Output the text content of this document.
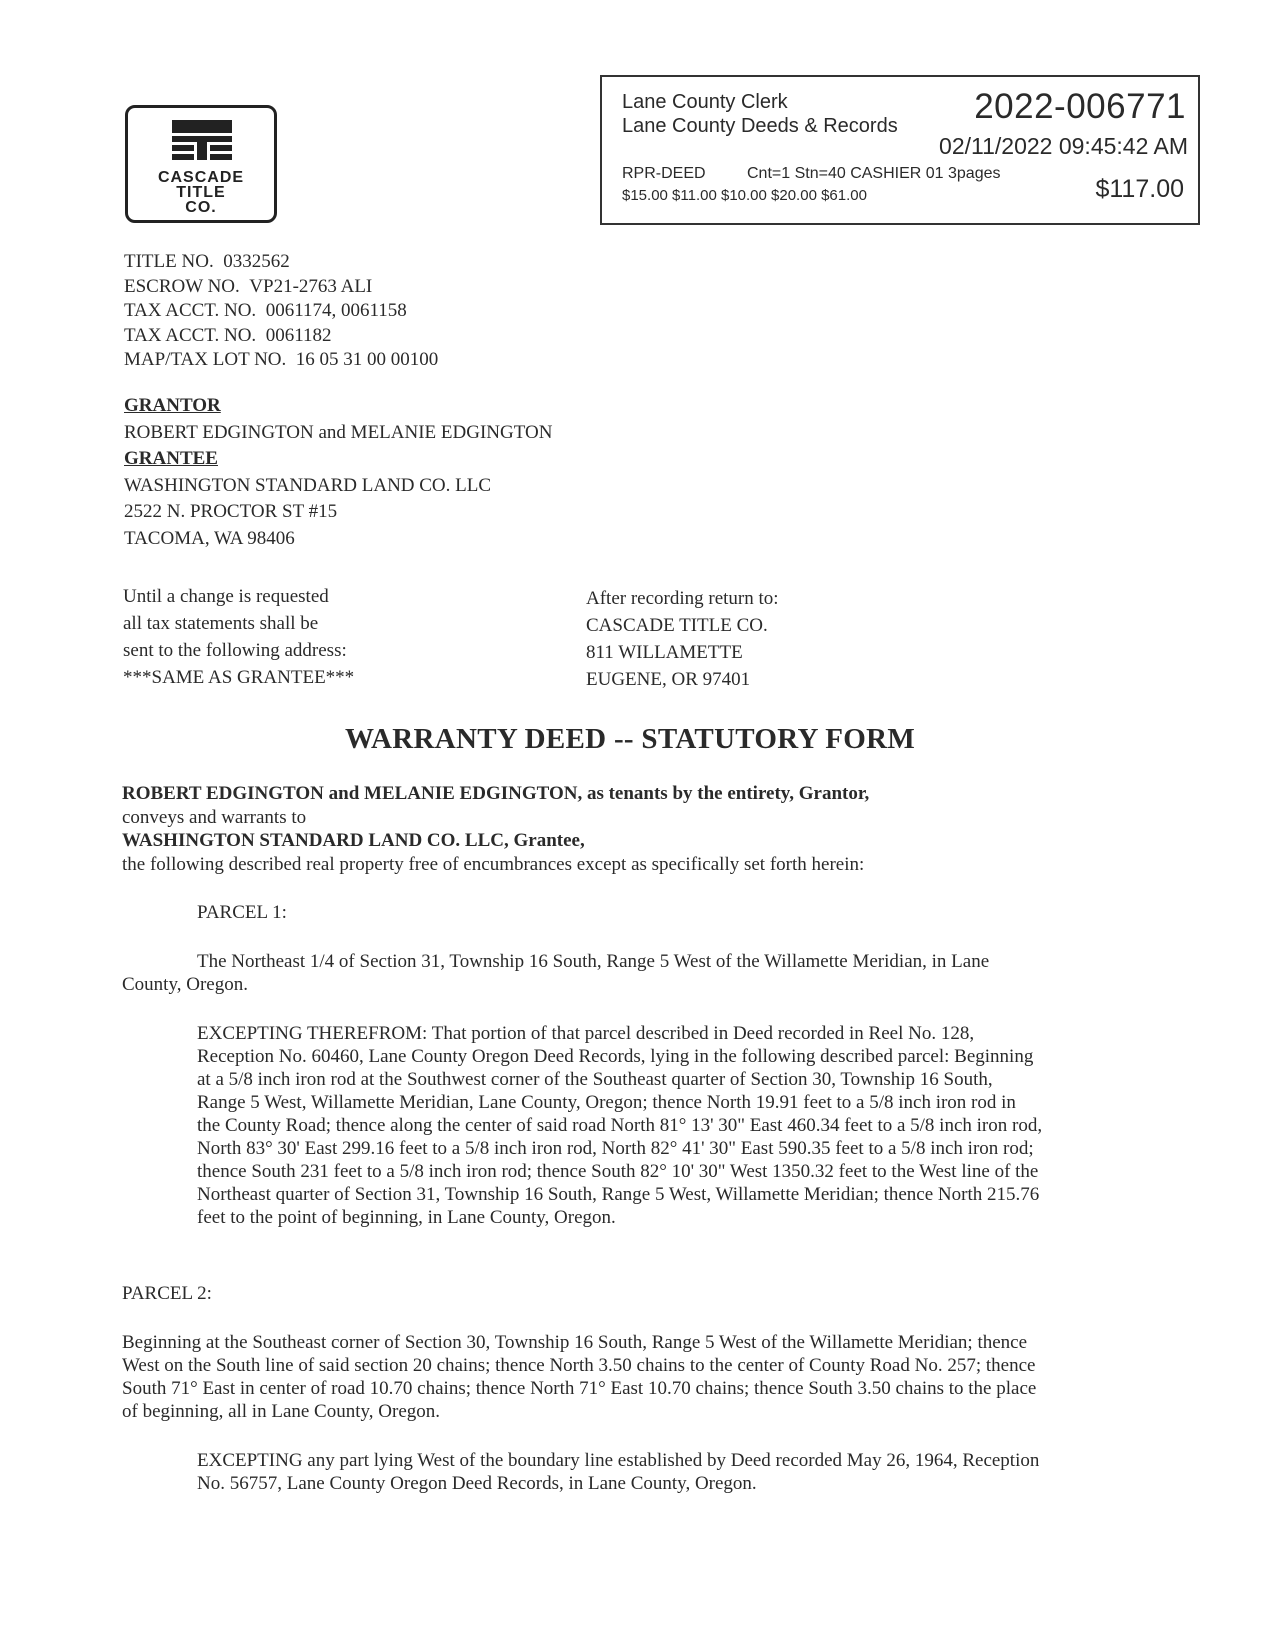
CASCADE
TITLE
CO.
Lane County Clerk
Lane County Deeds & Records 2022-006771
02/11/2022 09:45:42 AM
RPR-DEED	Cnt=1 Stn=40 CASHIER 01 3pages
$15.00 $11.00 $10.00 $20.00 $61.00	$117.00
TITLE NO.
0332562
ESCROW NO.
VP21-2763 ALI
TAX ACCT. NO.
0061174, 0061158
TAX ACCT. NO.
0061182
MAP/TAX LOT NO.
16 05 31 00 00100
GRANTOR
ROBERT EDGINGTON and MELANIE EDGINGTON
GRANTEE
WASHINGTON STANDARD LAND CO. LLC
2522 N. PROCTOR ST #15
TACOMA, WA 98406
Until a change is requested
all tax statements shall be
sent to the following address:
***SAME AS GRANTEE***
After recording return to:
CASCADE TITLE CO.
811 WILLAMETTE
EUGENE, OR 97401
WARRANTY DEED -- STATUTORY FORM
ROBERT EDGINGTON and MELANIE EDGINGTON, as tenants by the entirety, Grantor,
conveys and warrants to
WASHINGTON STANDARD LAND CO. LLC, Grantee,
the following described real property free of encumbrances except as specifically set forth herein:
PARCEL 1:
The Northeast 1/4 of Section 31, Township 16 South, Range 5 West of the Willamette Meridian, in Lane
County, Oregon.
EXCEPTING THEREFROM: That portion of that parcel described in Deed recorded in Reel No. 128,
Reception No. 60460, Lane County Oregon Deed Records, lying in the following described parcel: Beginning
at a 5/8 inch iron rod at the Southwest corner of the Southeast quarter of Section 30, Township 16 South,
Range 5 West, Willamette Meridian, Lane County, Oregon; thence North 19.91 feet to a 5/8 inch iron rod in
the County Road; thence along the center of said road North 81° 13' 30" East 460.34 feet to a 5/8 inch iron rod,
North 83° 30' East 299.16 feet to a 5/8 inch iron rod, North 82° 41' 30" East 590.35 feet to a 5/8 inch iron rod;
thence South 231 feet to a 5/8 inch iron rod; thence South 82° 10' 30" West 1350.32 feet to the West line of the
Northeast quarter of Section 31, Township 16 South, Range 5 West, Willamette Meridian; thence North 215.76
feet to the point of beginning, in Lane County, Oregon.
PARCEL 2:
Beginning at the Southeast corner of Section 30, Township 16 South, Range 5 West of the Willamette Meridian; thence
West on the South line of said section 20 chains; thence North 3.50 chains to the center of County Road No. 257; thence
South 71° East in center of road 10.70 chains; thence North 71° East 10.70 chains; thence South 3.50 chains to the place
of beginning, all in Lane County, Oregon.
EXCEPTING any part lying West of the boundary line established by Deed recorded May 26, 1964, Reception
No. 56757, Lane County Oregon Deed Records, in Lane County, Oregon.
